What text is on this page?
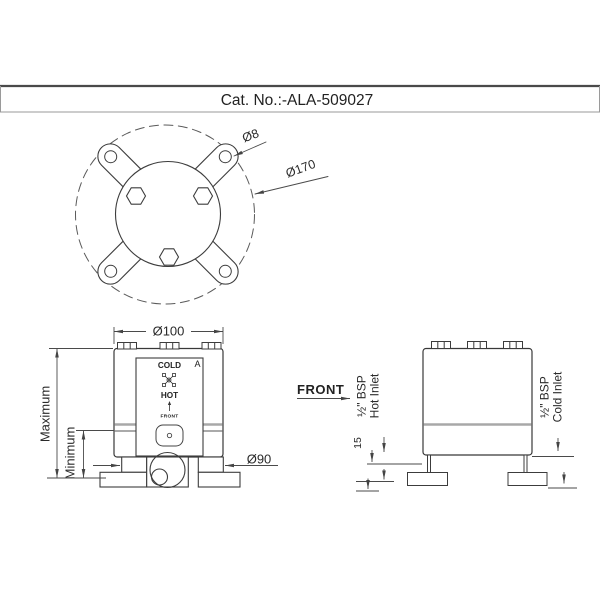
Cat. No.:-ALA-509027
Ø8
Ø170
COLD
HOT
FRONT
A
Ø100
Maximum
Minimum	Ø90
FRONT ½" BSP Hot Inlet
15
½" BSP Cold Inlet
